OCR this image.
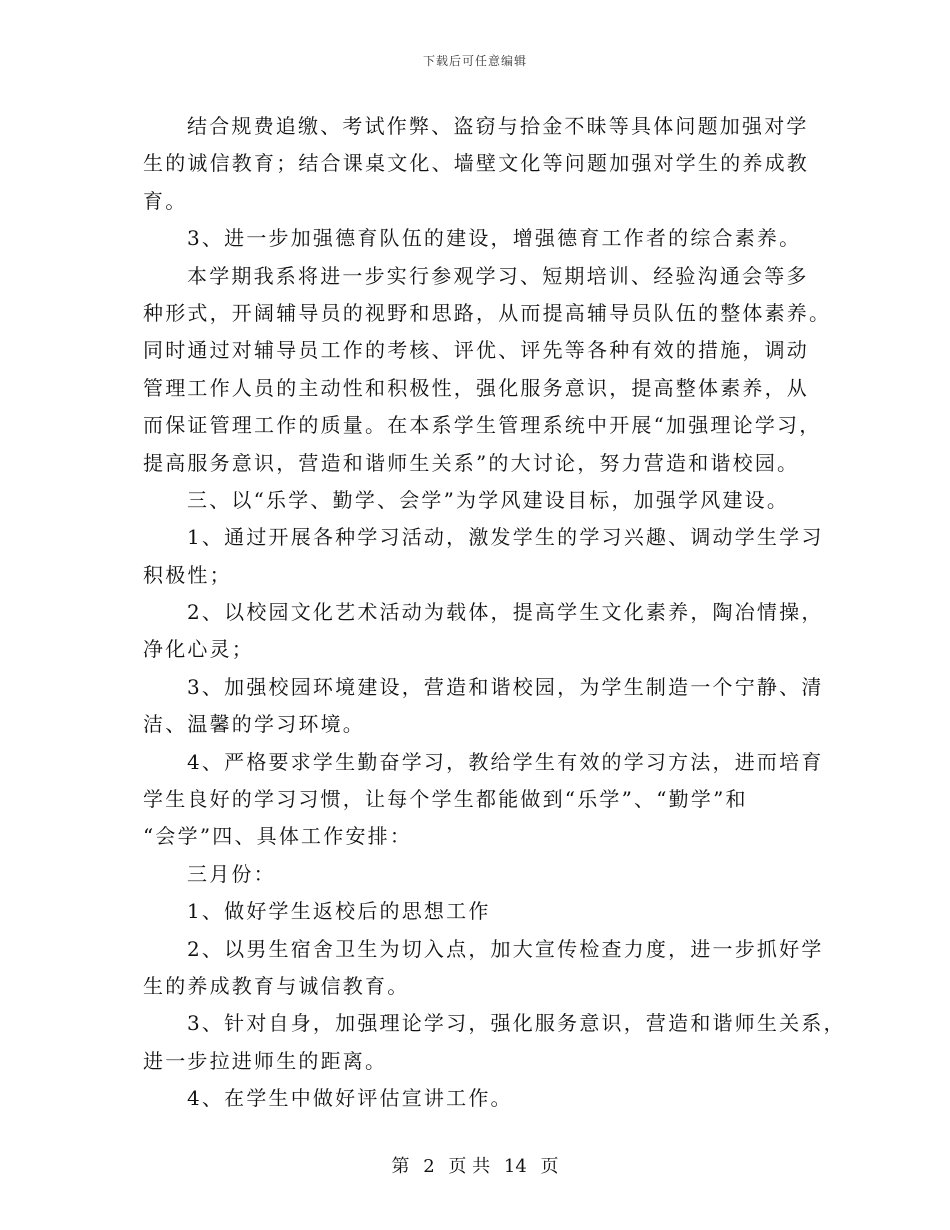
下载后可任意编辑
结合规费追缴、考试作弊、盗窃与拾金不昧等具体问题加强对学
生的诚信教育；结合课桌文化、墙壁文化等问题加强对学生的养成教
育。
3、进一步加强德育队伍的建设，增强德育工作者的综合素养。
本学期我系将进一步实行参观学习、短期培训、经验沟通会等多
种形式，开阔辅导员的视野和思路，从而提高辅导员队伍的整体素养。
同时通过对辅导员工作的考核、评优、评先等各种有效的措施，调动
管理工作人员的主动性和积极性，强化服务意识，提高整体素养，从
而保证管理工作的质量。在本系学生管理系统中开展“加强理论学习，
提高服务意识，营造和谐师生关系”的大讨论，努力营造和谐校园。
三、以“乐学、勤学、会学”为学风建设目标，加强学风建设。
1、通过开展各种学习活动，激发学生的学习兴趣、调动学生学习
积极性；
2、以校园文化艺术活动为载体，提高学生文化素养，陶冶情操，
净化心灵；
3、加强校园环境建设，营造和谐校园，为学生制造一个宁静、清
洁、温馨的学习环境。
4、严格要求学生勤奋学习，教给学生有效的学习方法，进而培育
学生良好的学习习惯，让每个学生都能做到“乐学”、“勤学”和
“会学”四、具体工作安排：
三月份：
1、做好学生返校后的思想工作
2、以男生宿舍卫生为切入点，加大宣传检查力度，进一步抓好学
生的养成教育与诚信教育。
3、针对自身，加强理论学习，强化服务意识，营造和谐师生关系，
进一步拉进师生的距离。
4、在学生中做好评估宣讲工作。
第 2 页 共 14 页
